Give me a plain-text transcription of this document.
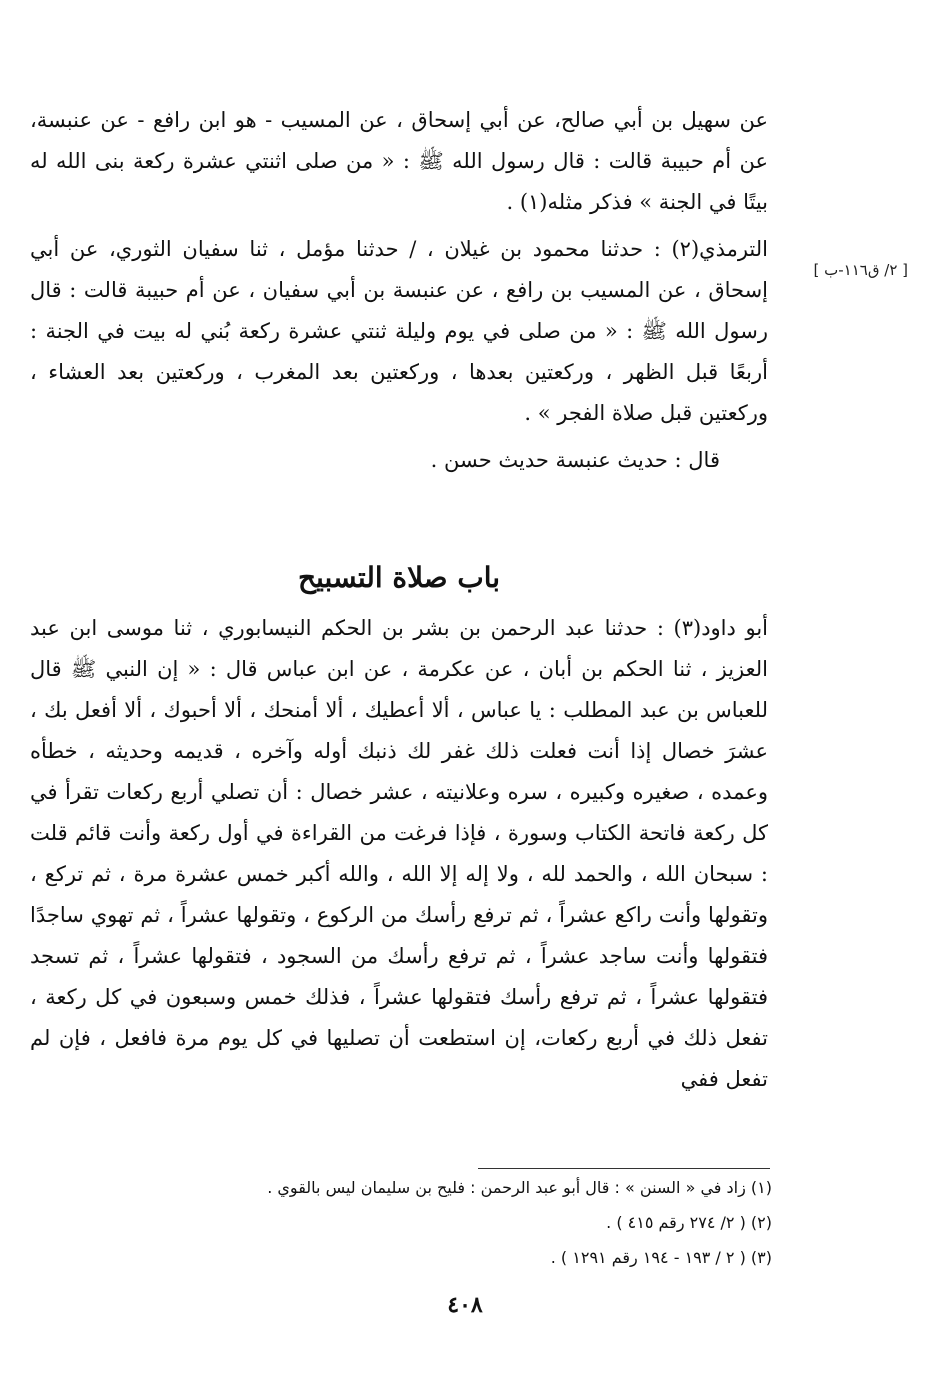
عن سهيل بن أبي صالح، عن أبي إسحاق ، عن المسيب - هو ابن رافع - عن عنبسة، عن أم حبيبة قالت : قال رسول الله ﷺ : « من صلى اثنتي عشرة ركعة بنى الله له بيتًا في الجنة » فذكر مثله(١) .

الترمذي(٢) : حدثنا محمود بن غيلان ، / حدثنا مؤمل ، ثنا سفيان الثوري، عن أبي إسحاق ، عن المسيب بن رافع ، عن عنبسة بن أبي سفيان ، عن أم حبيبة قالت : قال رسول الله ﷺ : « من صلى في يوم وليلة ثنتي عشرة ركعة بُني له بيت في الجنة : أربعًا قبل الظهر ، وركعتين بعدها ، وركعتين بعد المغرب ، وركعتين بعد العشاء ، وركعتين قبل صلاة الفجر » .

قال : حديث عنبسة حديث حسن .

[ ٢/ ق١١٦-ب ]
باب صلاة التسبيح

أبو داود(٣) : حدثنا عبد الرحمن بن بشر بن الحكم النيسابوري ، ثنا موسى ابن عبد العزيز ، ثنا الحكم بن أبان ، عن عكرمة ، عن ابن عباس قال : « إن النبي ﷺ قال للعباس بن عبد المطلب : يا عباس ، ألا أعطيك ، ألا أمنحك ، ألا أحبوك ، ألا أفعل بك ، عشرَ خصال إذا أنت فعلت ذلك غفر لك ذنبك أوله وآخره ، قديمه وحديثه ، خطأه وعمده ، صغيره وكبيره ، سره وعلانيته ، عشر خصال : أن تصلي أربع ركعات تقرأ في كل ركعة فاتحة الكتاب وسورة ، فإذا فرغت من القراءة في أول ركعة وأنت قائم قلت : سبحان الله ، والحمد لله ، ولا إله إلا الله ، والله أكبر خمس عشرة مرة ، ثم تركع ، وتقولها وأنت راكع عشراً ، ثم ترفع رأسك من الركوع ، وتقولها عشراً ، ثم تهوي ساجدًا فتقولها وأنت ساجد عشراً ، ثم ترفع رأسك من السجود ، فتقولها عشراً ، ثم تسجد فتقولها عشراً ، ثم ترفع رأسك فتقولها عشراً ، فذلك خمس وسبعون في كل ركعة ، تفعل ذلك في أربع ركعات، إن استطعت أن تصليها في كل يوم مرة فافعل ، فإن لم تفعل ففي

(١) زاد في « السنن » : قال أبو عبد الرحمن : فليح بن سليمان ليس بالقوي .

(٢) ( ٢/ ٢٧٤ رقم ٤١٥ ) .

(٣) ( ٢ / ١٩٣ - ١٩٤ رقم ١٢٩١ ) .

٤٠٨
